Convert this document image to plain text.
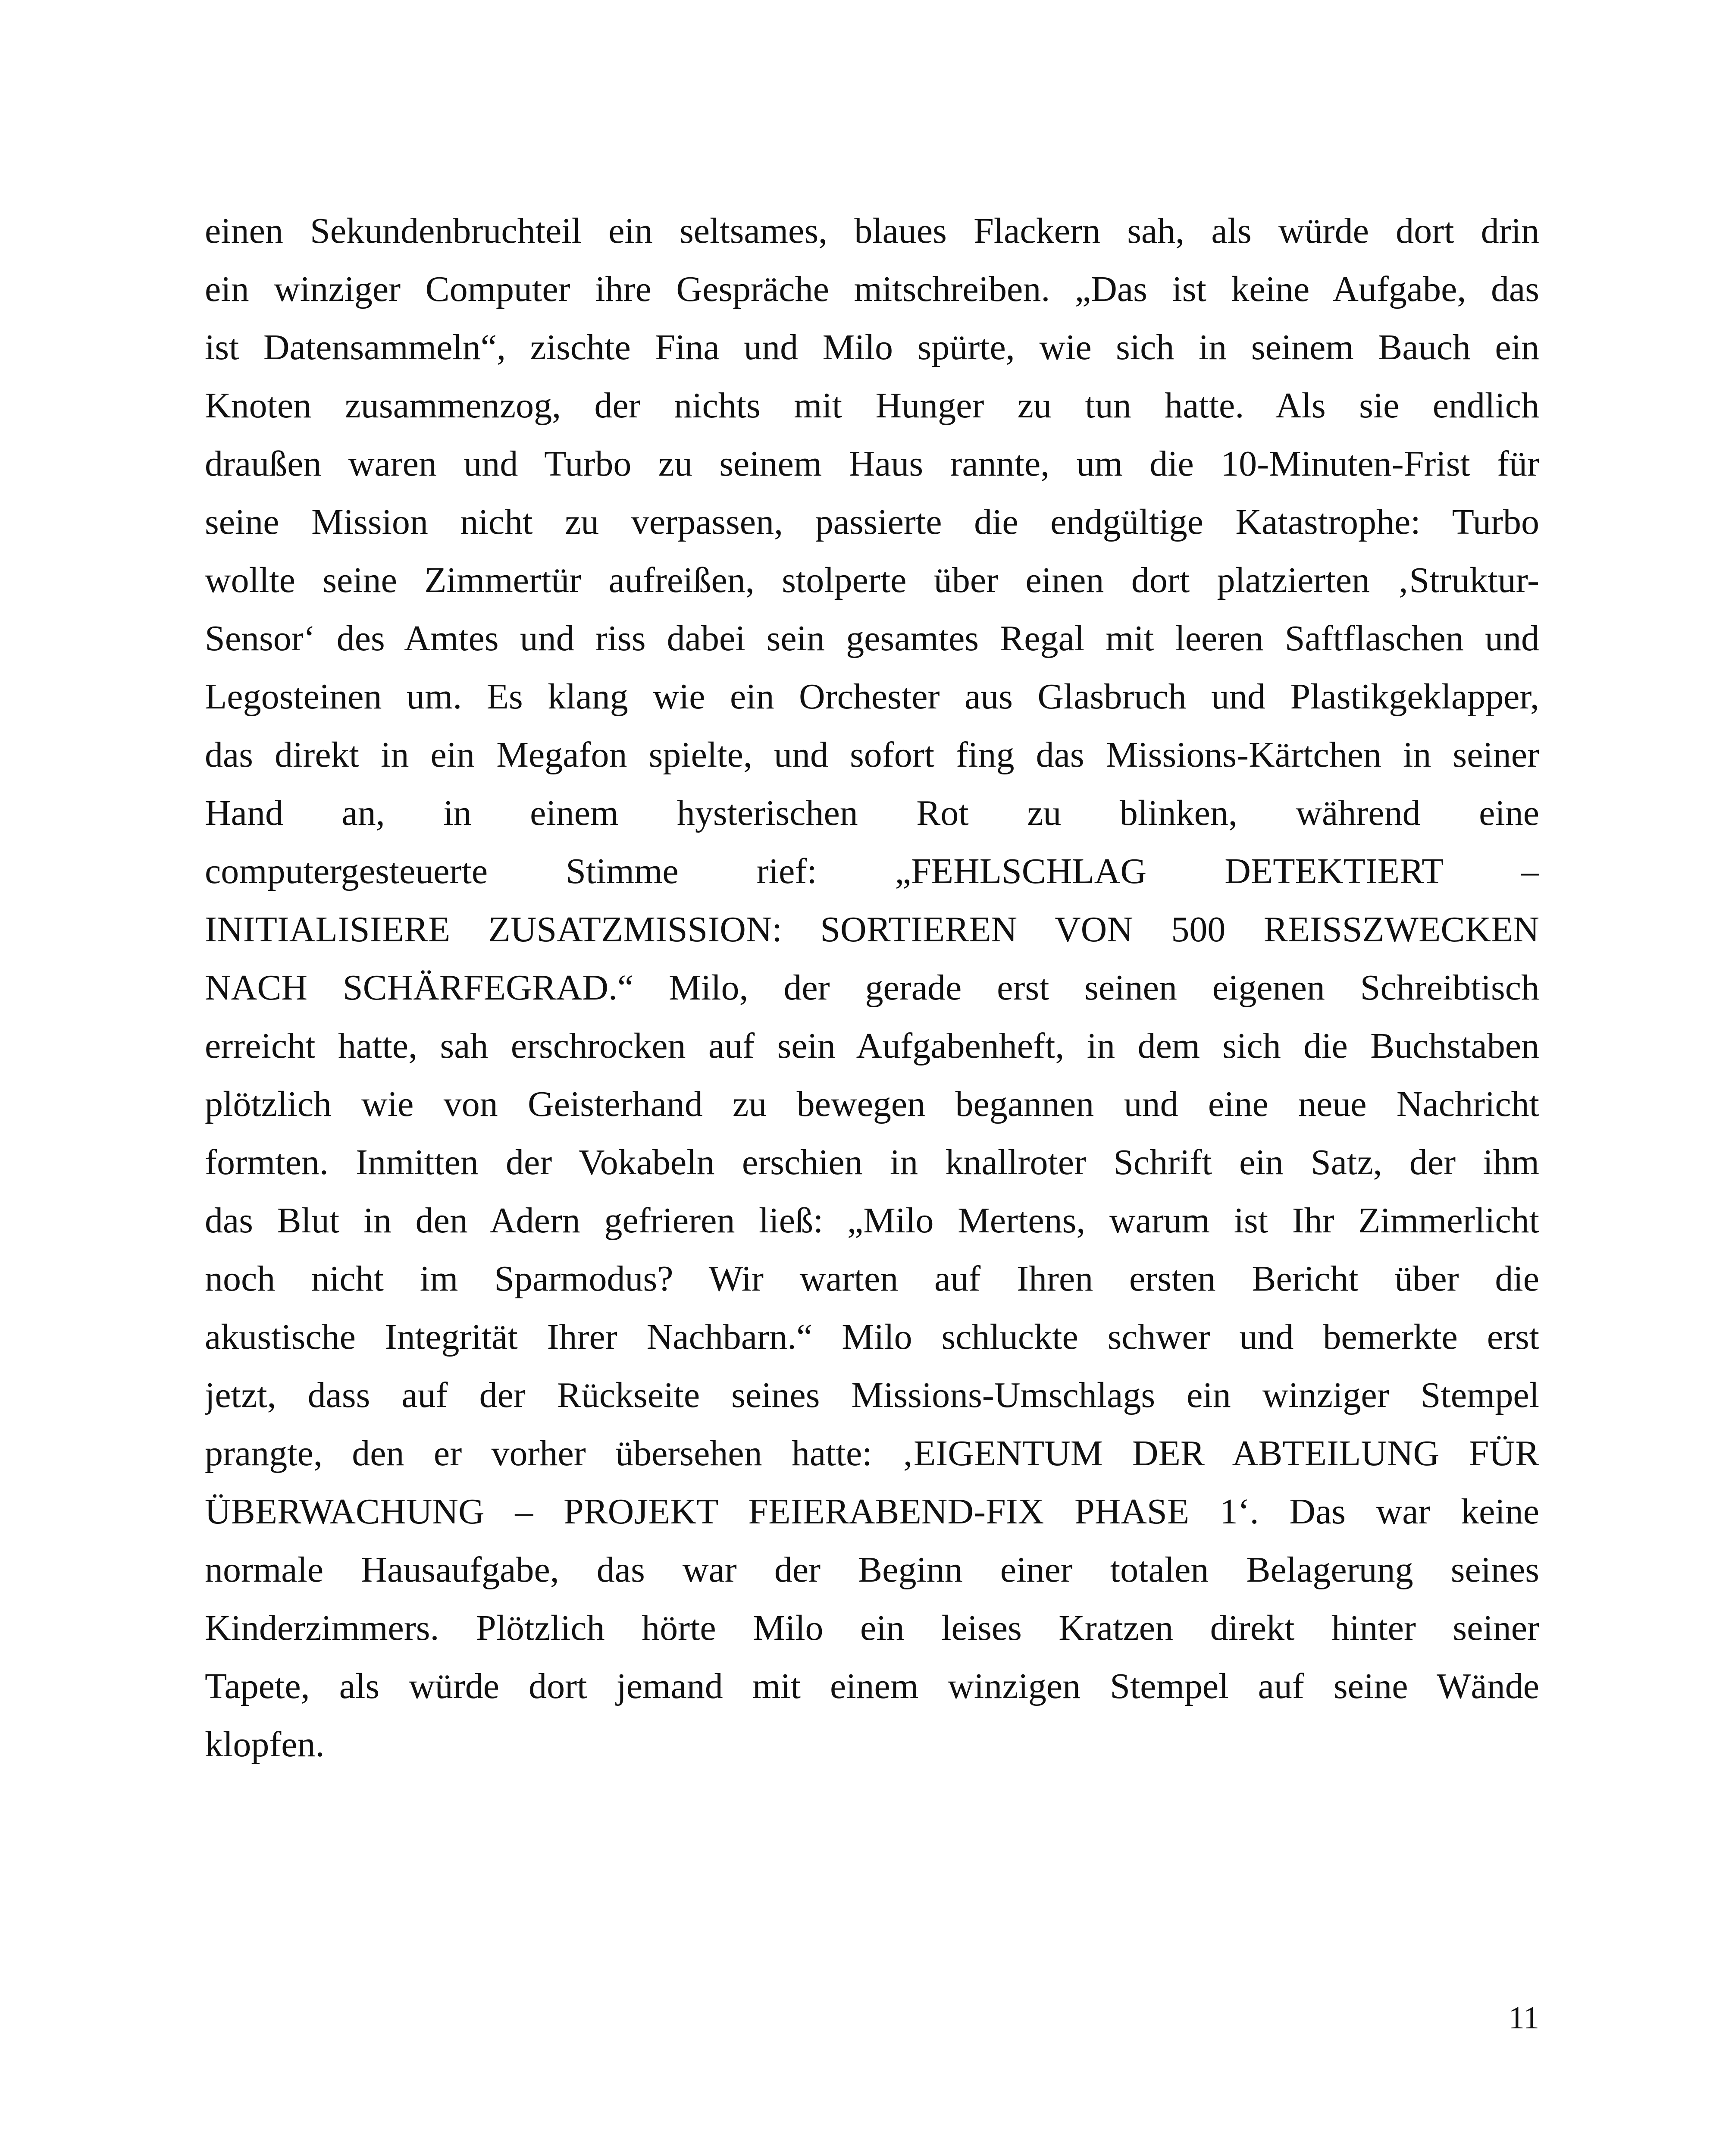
einen Sekundenbruchteil ein seltsames, blaues Flackern sah, als würde dort drin
ein winziger Computer ihre Gespräche mitschreiben. „Das ist keine Aufgabe, das
ist Datensammeln“, zischte Fina und Milo spürte, wie sich in seinem Bauch ein
Knoten zusammenzog, der nichts mit Hunger zu tun hatte. Als sie endlich
draußen waren und Turbo zu seinem Haus rannte, um die 10-Minuten-Frist für
seine Mission nicht zu verpassen, passierte die endgültige Katastrophe: Turbo
wollte seine Zimmertür aufreißen, stolperte über einen dort platzierten ‚Struktur-
Sensor‘ des Amtes und riss dabei sein gesamtes Regal mit leeren Saftflaschen und
Legosteinen um. Es klang wie ein Orchester aus Glasbruch und Plastikgeklapper,
das direkt in ein Megafon spielte, und sofort fing das Missions-Kärtchen in seiner
Hand an, in einem hysterischen Rot zu blinken, während eine
computergesteuerte Stimme rief: „FEHLSCHLAG DETEKTIERT –
INITIALISIERE ZUSATZMISSION: SORTIEREN VON 500 REISSZWECKEN
NACH SCHÄRFEGRAD.“ Milo, der gerade erst seinen eigenen Schreibtisch
erreicht hatte, sah erschrocken auf sein Aufgabenheft, in dem sich die Buchstaben
plötzlich wie von Geisterhand zu bewegen begannen und eine neue Nachricht
formten. Inmitten der Vokabeln erschien in knallroter Schrift ein Satz, der ihm
das Blut in den Adern gefrieren ließ: „Milo Mertens, warum ist Ihr Zimmerlicht
noch nicht im Sparmodus? Wir warten auf Ihren ersten Bericht über die
akustische Integrität Ihrer Nachbarn.“ Milo schluckte schwer und bemerkte erst
jetzt, dass auf der Rückseite seines Missions-Umschlags ein winziger Stempel
prangte, den er vorher übersehen hatte: ‚EIGENTUM DER ABTEILUNG FÜR
ÜBERWACHUNG – PROJEKT FEIERABEND-FIX PHASE 1‘. Das war keine
normale Hausaufgabe, das war der Beginn einer totalen Belagerung seines
Kinderzimmers. Plötzlich hörte Milo ein leises Kratzen direkt hinter seiner
Tapete, als würde dort jemand mit einem winzigen Stempel auf seine Wände
klopfen.
11
